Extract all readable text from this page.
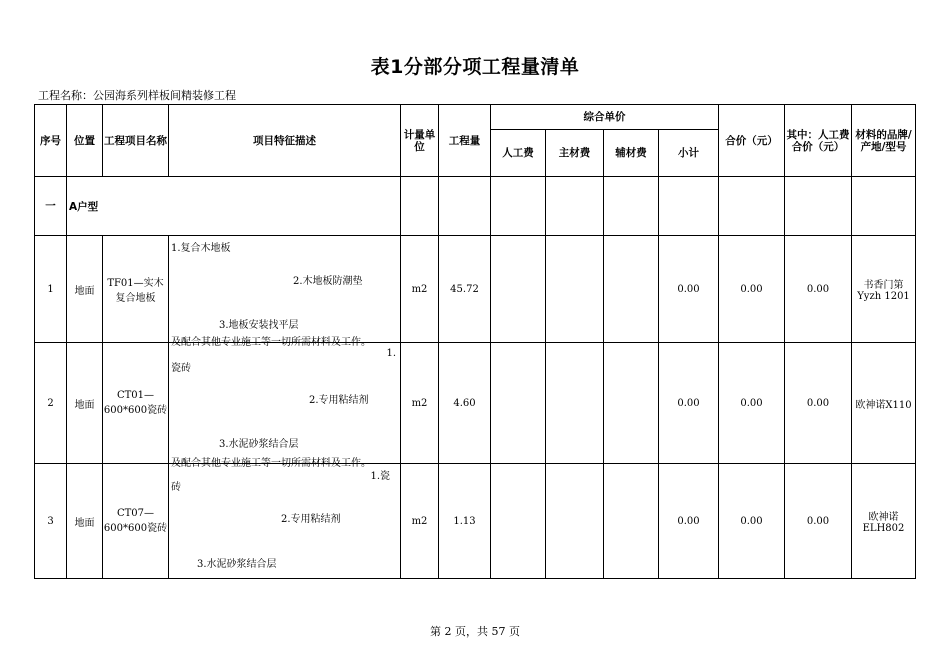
表1分部分项工程量清单
工程名称：公园海系列样板间精装修工程
序号	位置	工程项目名称	项目特征描述	计量单位	工程量	综合单价				合价（元）	其中：人工费合价（元）	材料的品牌/产地/型号
						人工费	主材费	辅材费	小计			
一	A户型											
1	地面	TF01—实木复合地板	1.复合木地板
2.木地板防潮垫
3.地板安装找平层	m2	45.72				0.00	0.00	0.00	书香门第Yyzh 1201
2	地面	CT01—600*600瓷砖	及配合其他专业施工等一切所需材料及工作。
1.
瓷砖
2.专用粘结剂
3.水泥砂浆结合层	m2	4.60				0.00	0.00	0.00	欧神诺X110
3	地面	CT07—600*600瓷砖	及配合其他专业施工等一切所需材料及工作。
1.瓷
砖
2.专用粘结剂
3.水泥砂浆结合层	m2	1.13				0.00	0.00	0.00	欧神诺ELH802
第 2 页，共 57 页
